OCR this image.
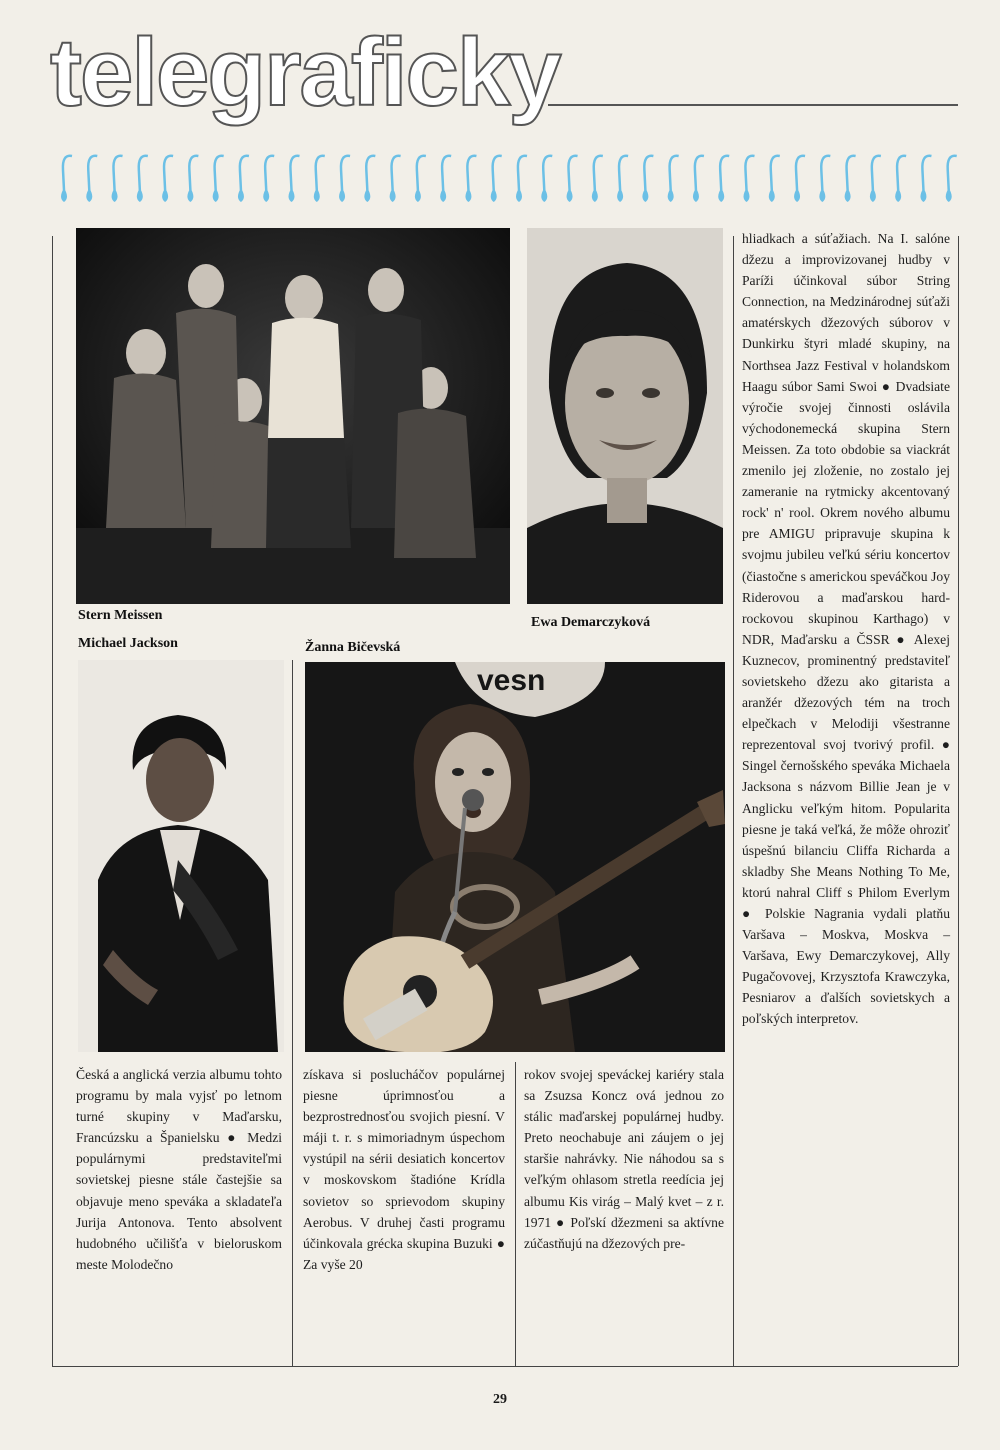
telegraficky
Stern Meissen	Ewa Demarczyková
Michael Jackson	Žanna Bičevská
vesn

Česká a anglická verzia albumu tohto programu by mala vyjsť po letnom turné skupiny v Maďarsku, Francúzsku a Španielsku ● Medzi populárnymi predstaviteľmi sovietskej piesne stále častejšie sa objavuje meno speváka a skladateľa Jurija Antonova. Tento absolvent hudobného učilišťa v bieloruskom meste Molodečno

získava si poslucháčov populárnej piesne úprimnosťou a bezprostrednosťou svojich piesní. V máji t. r. s mimoriadnym úspechom vystúpil na sérii desiatich koncertov v moskovskom štadióne Krídla sovietov so sprievodom skupiny Aerobus. V druhej časti programu účinkovala grécka skupina Buzuki ● Za vyše 20

rokov svojej speváckej kariéry stala sa Zsuzsa Koncz ová jednou zo stálic maďarskej populárnej hudby. Preto neochabuje ani záujem o jej staršie nahrávky. Nie náhodou sa s veľkým ohlasom stretla reedícia jej albumu Kis virág – Malý kvet – z r. 1971 ● Poľskí džezmeni sa aktívne zúčastňujú na džezových pre-

hliadkach a súťažiach. Na I. salóne džezu a improvizovanej hudby v Paríži účinkoval súbor String Connection, na Medzinárodnej súťaži amatérskych džezových súborov v Dunkirku štyri mladé skupiny, na Northsea Jazz Festival v holandskom Haagu súbor Sami Swoi ● Dvadsiate výročie svojej činnosti oslávila východonemecká skupina Stern Meissen. Za toto obdobie sa viackrát zmenilo jej zloženie, no zostalo jej zameranie na rytmicky akcentovaný rock' n' rool. Okrem nového albumu pre AMIGU pripravuje skupina k svojmu jubileu veľkú sériu koncertov (čiastočne s americkou speváčkou Joy Riderovou a maďarskou hard-rockovou skupinou Karthago) v NDR, Maďarsku a ČSSR ● Alexej Kuznecov, prominentný predstaviteľ sovietskeho džezu ako gitarista a aranžér džezových tém na troch elpečkach v Melodiji všestranne reprezentoval svoj tvorivý profil. ● Singel černošského speváka Michaela Jacksona s názvom Billie Jean je v Anglicku veľkým hitom. Popularita piesne je taká veľká, že môže ohroziť úspešnú bilanciu Cliffa Richarda a skladby She Means Nothing To Me, ktorú nahral Cliff s Philom Everlym ● Polskie Nagrania vydali platňu Varšava – Moskva, Moskva – Varšava, Ewy Demarczykovej, Ally Pugačovovej, Krzysztofa Krawczyka, Pesniarov a ďalších sovietskych a poľských interpretov.

29
